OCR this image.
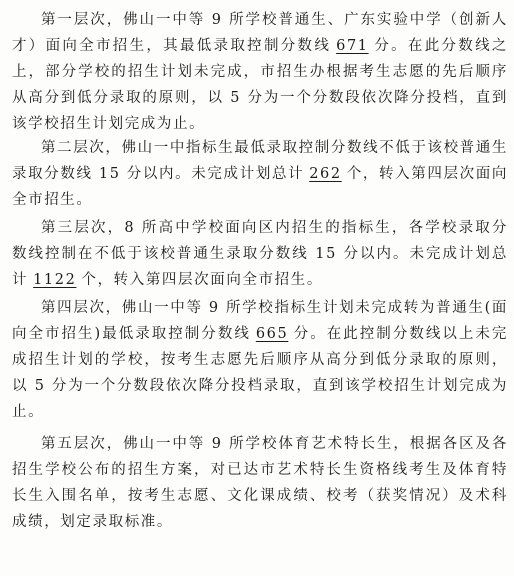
第一层次，佛山一中等 9 所学校普通生、广东实验中学（创新人才）面向全市招生，其最低录取控制分数线 671 分。在此分数线之上，部分学校的招生计划未完成，市招生办根据考生志愿的先后顺序从高分到低分录取的原则，以 5 分为一个分数段依次降分投档，直到该学校招生计划完成为止。

第二层次，佛山一中指标生最低录取控制分数线不低于该校普通生录取分数线 15 分以内。未完成计划总计 262 个，转入第四层次面向全市招生。

第三层次，8 所高中学校面向区内招生的指标生，各学校录取分数线控制在不低于该校普通生录取分数线 15 分以内。未完成计划总计 1122 个，转入第四层次面向全市招生。

第四层次，佛山一中等 9 所学校指标生计划未完成转为普通生(面向全市招生)最低录取控制分数线 665 分。在此控制分数线以上未完成招生计划的学校，按考生志愿先后顺序从高分到低分录取的原则，以 5 分为一个分数段依次降分投档录取，直到该学校招生计划完成为止。

第五层次，佛山一中等 9 所学校体育艺术特长生，根据各区及各招生学校公布的招生方案，对已达市艺术特长生资格线考生及体育特长生入围名单，按考生志愿、文化课成绩、校考（获奖情况）及术科成绩，划定录取标准。
